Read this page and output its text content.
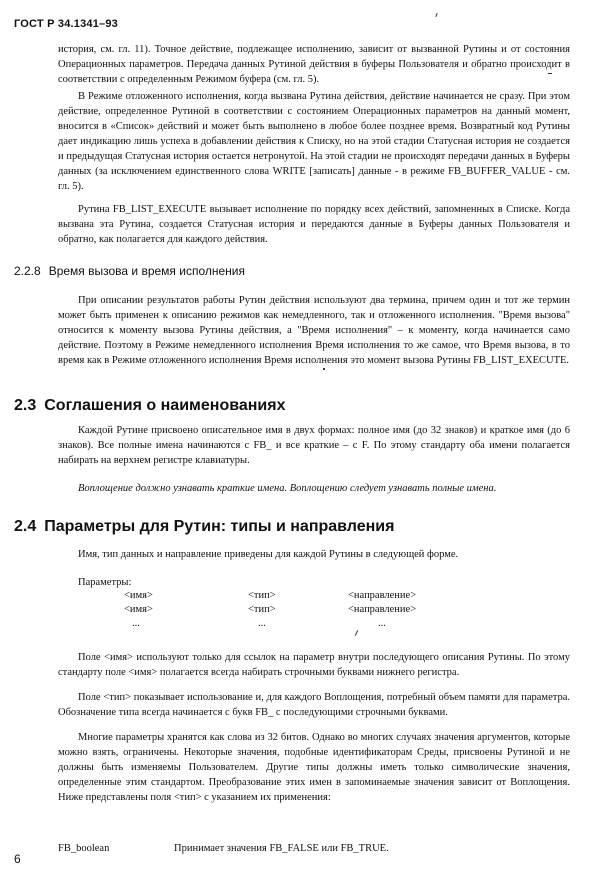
ГОСТ Р 34.1341–93

история, см. гл. 11). Точное действие, подлежащее исполнению, зависит от вызванной Рутины и от состояния Операционных параметров. Передача данных Рутиной действия в буферы Пользователя и обратно происходит в соответствии с определенным Режимом буфера (см. гл. 5).

В Режиме отложенного исполнения, когда вызвана Рутина действия, действие начинается не сразу. При этом действие, определенное Рутиной в соответствии с состоянием Операционных параметров на данный момент, вносится в «Список» действий и может быть выполнено в любое более позднее время. Возвратный код Рутины дает индикацию лишь успеха в добавлении действия к Списку, но на этой стадии Статусная история не создается и предыдущая Статусная история остается нетронутой. На этой стадии не происходят передачи данных в Буферы данных (за исключением единственного слова WRITE [записать] данные - в режиме FB_BUFFER_VALUE - см. гл. 5).

Рутина FB_LIST_EXECUTE вызывает исполнение по порядку всех действий, запомненных в Списке. Когда вызвана эта Рутина, создается Статусная история и передаются данные в Буферы данных Пользователя и обратно, как полагается для каждого действия.

2.2.8 Время вызова и время исполнения

При описании результатов работы Рутин действия используют два термина, причем один и тот же термин может быть применен к описанию режимов как немедленного, так и отложенного исполнения. "Время вызова" относится к моменту вызова Рутины действия, а "Время исполнения" – к моменту, когда начинается само действие. Поэтому в Режиме немедленного исполнения Время исполнения то же самое, что Время вызова, в то время как в Режиме отложенного исполнения Время исполнения это момент вызова Рутины FB_LIST_EXECUTE.

2.3 Соглашения о наименованиях

Каждой Рутине присвоено описательное имя в двух формах: полное имя (до 32 знаков) и краткое имя (до 6 знаков). Все полные имена начинаются с FB_ и все краткие – с F. По этому стандарту оба имени полагается набирать на верхнем регистре клавиатуры.

Воплощение должно узнавать краткие имена. Воплощению следует узнавать полные имена.

2.4 Параметры для Рутин: типы и направления

Имя, тип данных и направление приведены для каждой Рутины в следующей форме.

Параметры:
<имя>	<тип>	<направление>
<имя>	<тип>	<направление>
...	...	...

Поле <имя> используют только для ссылок на параметр внутри последующего описания Рутины. По этому стандарту поле <имя> полагается всегда набирать строчными буквами нижнего регистра.

Поле <тип> показывает использование и, для каждого Воплощения, потребный объем памяти для параметра. Обозначение типа всегда начинается с букв FB_ с последующими строчными буквами.

Многие параметры хранятся как слова из 32 битов. Однако во многих случаях значения аргументов, которые можно взять, ограничены. Некоторые значения, подобные идентификаторам Среды, присвоены Рутиной и не должны быть изменяемы Пользователем. Другие типы должны иметь только символические значения, определенные этим стандартом. Преобразование этих имен в запоминаемые значения зависит от Воплощения. Ниже представлены поля <тип> с указанием их применения:

FB_boolean	Принимает значения FB_FALSE или FB_TRUE.
6
